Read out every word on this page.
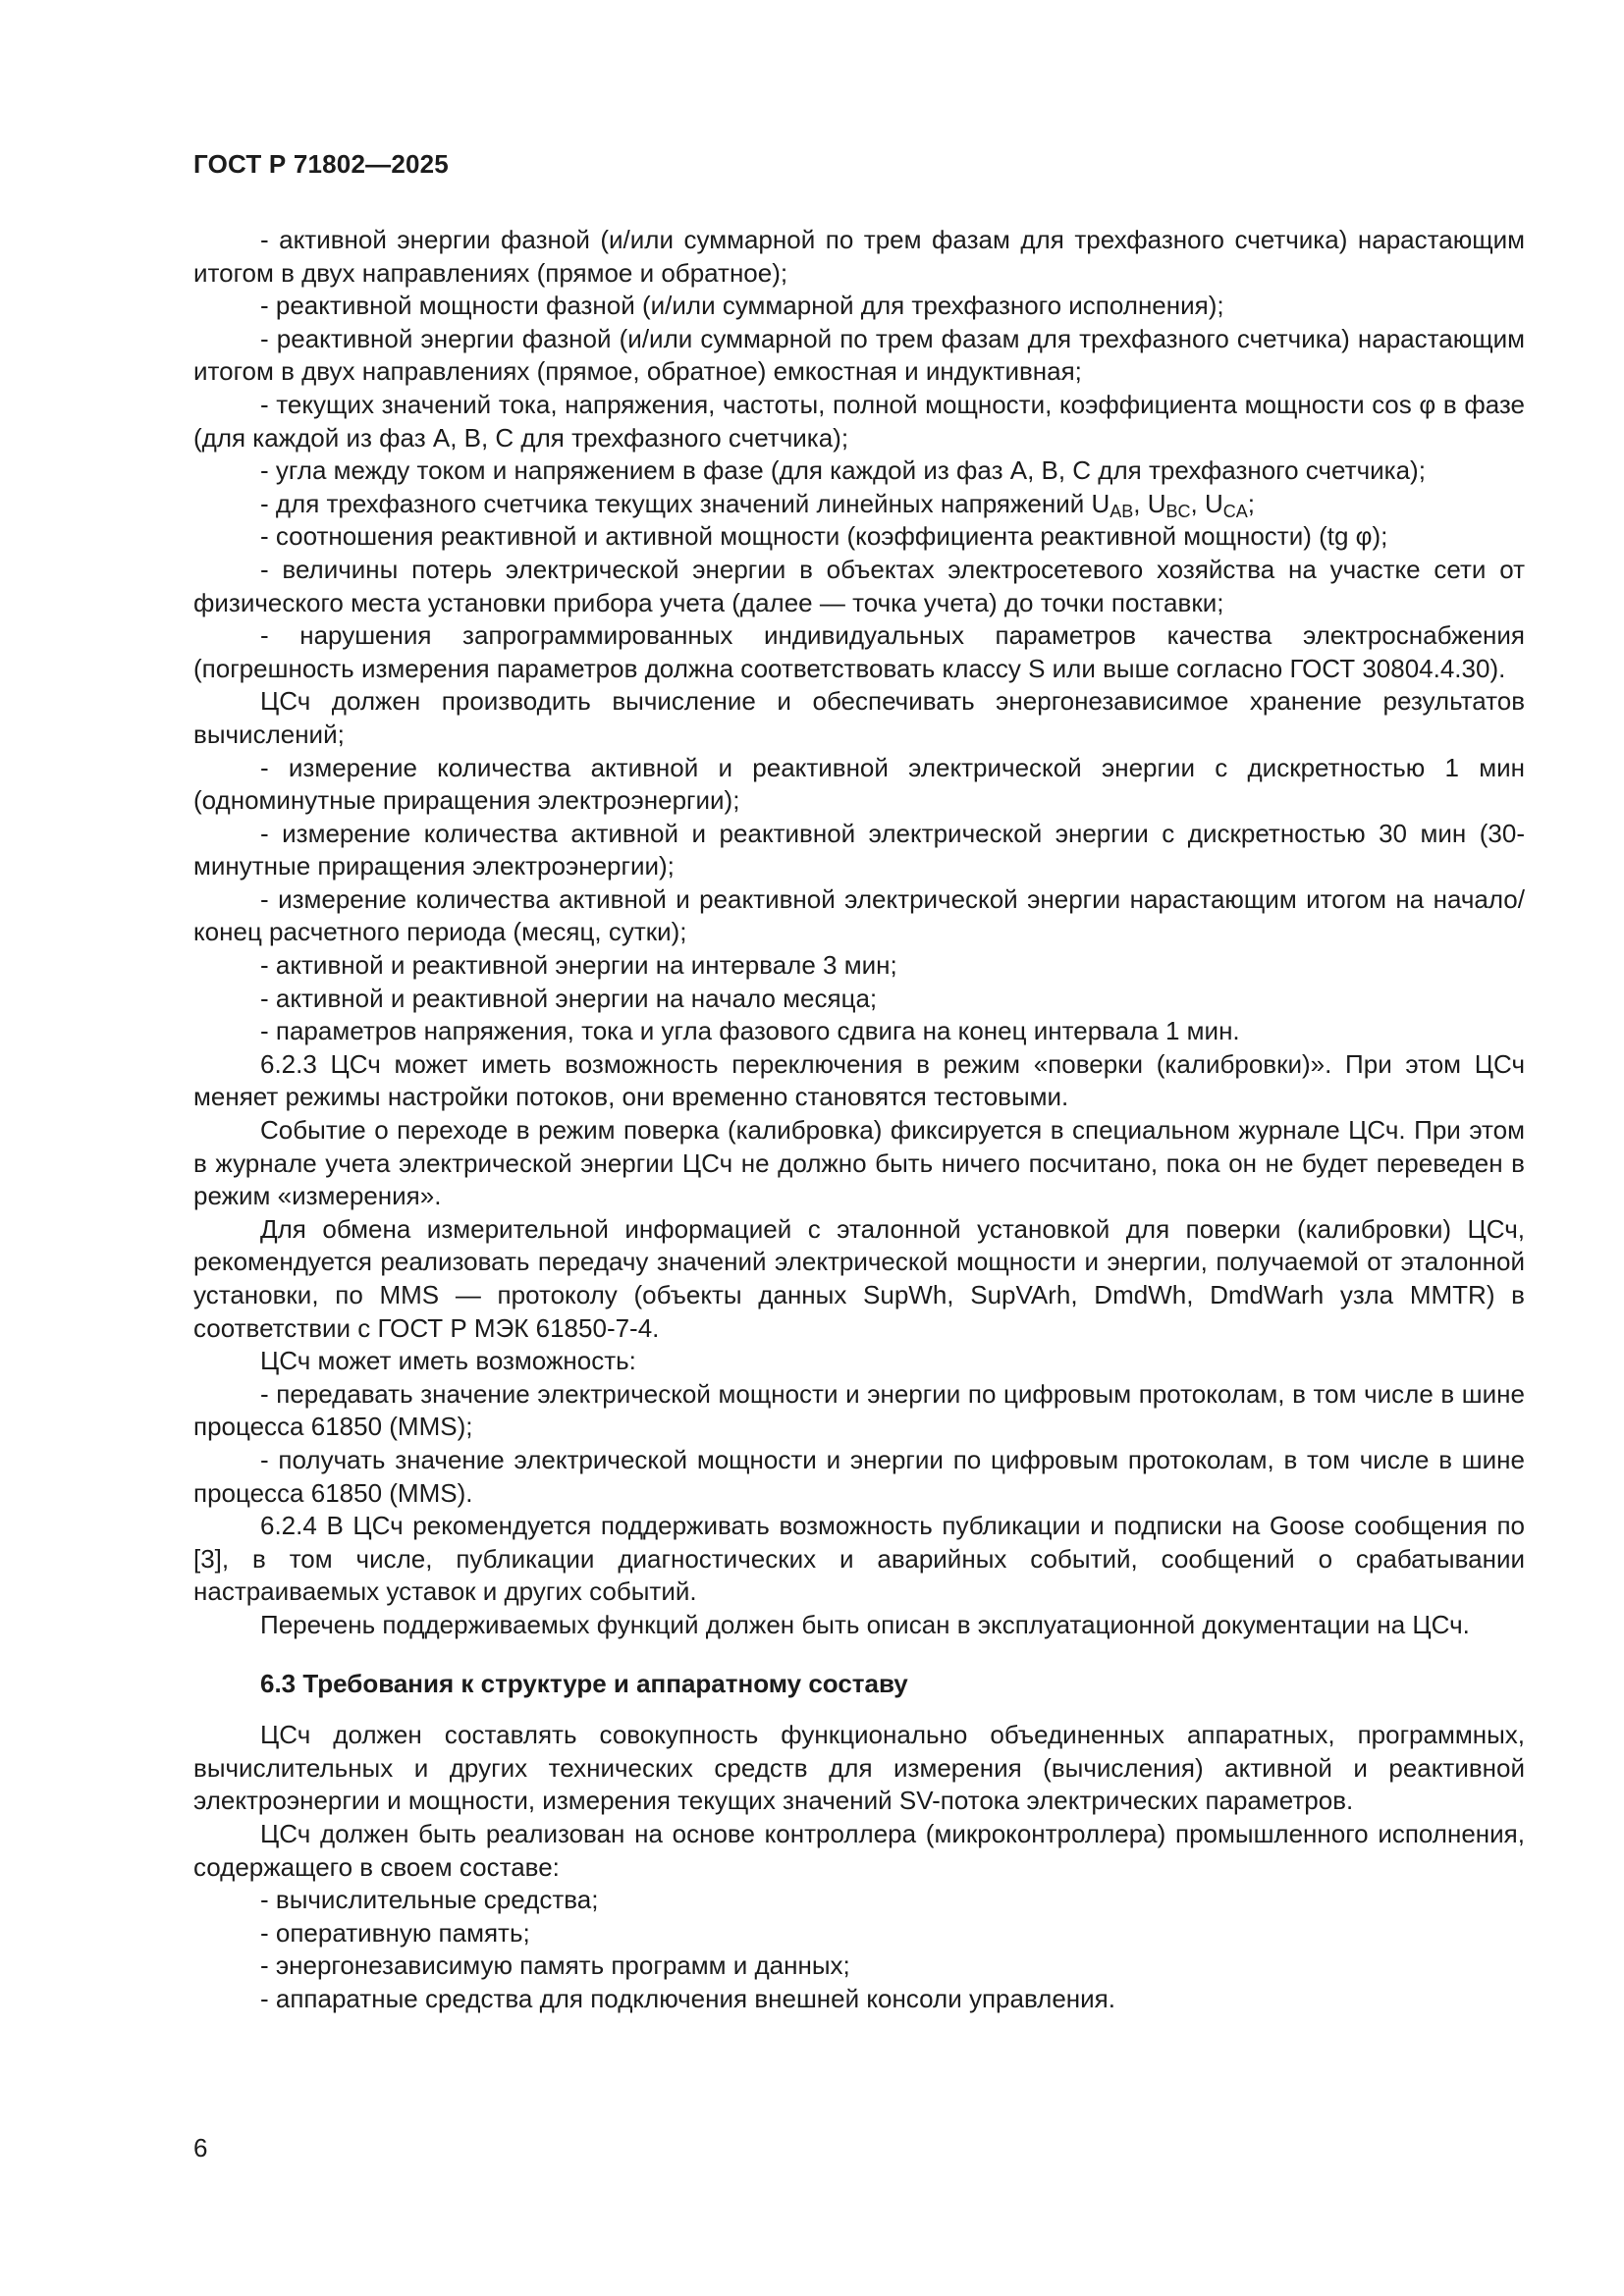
ГОСТ Р 71802—2025

- активной энергии фазной (и/или суммарной по трем фазам для трехфазного счетчика) нарастающим итогом в двух направлениях (прямое и обратное);

- реактивной мощности фазной (и/или суммарной для трехфазного исполнения);

- реактивной энергии фазной (и/или суммарной по трем фазам для трехфазного счетчика) нарастающим итогом в двух направлениях (прямое, обратное) емкостная и индуктивная;

- текущих значений тока, напряжения, частоты, полной мощности, коэффициента мощности cos φ в фазе (для каждой из фаз А, В, С для трехфазного счетчика);

- угла между током и напряжением в фазе (для каждой из фаз А, В, С для трехфазного счетчика);

- для трехфазного счетчика текущих значений линейных напряжений $U_{AB}$, $U_{BC}$, $U_{CA}$;

- соотношения реактивной и активной мощности (коэффициента реактивной мощности) (tg φ);

- величины потерь электрической энергии в объектах электросетевого хозяйства на участке сети от физического места установки прибора учета (далее — точка учета) до точки поставки;

- нарушения запрограммированных индивидуальных параметров качества электроснабжения (погрешность измерения параметров должна соответствовать классу S или выше согласно ГОСТ 30804.4.30).

ЦСч должен производить вычисление и обеспечивать энергонезависимое хранение результатов вычислений;

- измерение количества активной и реактивной электрической энергии с дискретностью 1 мин (одноминутные приращения электроэнергии);

- измерение количества активной и реактивной электрической энергии с дискретностью 30 мин (30-минутные приращения электроэнергии);

- измерение количества активной и реактивной электрической энергии нарастающим итогом на начало/конец расчетного периода (месяц, сутки);

- активной и реактивной энергии на интервале 3 мин;

- активной и реактивной энергии на начало месяца;

- параметров напряжения, тока и угла фазового сдвига на конец интервала 1 мин.

6.2.3 ЦСч может иметь возможность переключения в режим «поверки (калибровки)». При этом ЦСч меняет режимы настройки потоков, они временно становятся тестовыми.

Событие о переходе в режим поверка (калибровка) фиксируется в специальном журнале ЦСч. При этом в журнале учета электрической энергии ЦСч не должно быть ничего посчитано, пока он не будет переведен в режим «измерения».

Для обмена измерительной информацией с эталонной установкой для поверки (калибровки) ЦСч, рекомендуется реализовать передачу значений электрической мощности и энергии, получаемой от эталонной установки, по MMS — протоколу (объекты данных SupWh, SupVArh, DmdWh, DmdWarh узла MMTR) в соответствии с ГОСТ Р МЭК 61850-7-4.

ЦСч может иметь возможность:

- передавать значение электрической мощности и энергии по цифровым протоколам, в том числе в шине процесса 61850 (MMS);

- получать значение электрической мощности и энергии по цифровым протоколам, в том числе в шине процесса 61850 (MMS).

6.2.4 В ЦСч рекомендуется поддерживать возможность публикации и подписки на Goose сообщения по [3], в том числе, публикации диагностических и аварийных событий, сообщений о срабатывании настраиваемых уставок и других событий.

Перечень поддерживаемых функций должен быть описан в эксплуатационной документации на ЦСч.

6.3 Требования к структуре и аппаратному составу

ЦСч должен составлять совокупность функционально объединенных аппаратных, программных, вычислительных и других технических средств для измерения (вычисления) активной и реактивной электроэнергии и мощности, измерения текущих значений SV-потока электрических параметров.

ЦСч должен быть реализован на основе контроллера (микроконтроллера) промышленного исполнения, содержащего в своем составе:

- вычислительные средства;

- оперативную память;

- энергонезависимую память программ и данных;

- аппаратные средства для подключения внешней консоли управления.

6
